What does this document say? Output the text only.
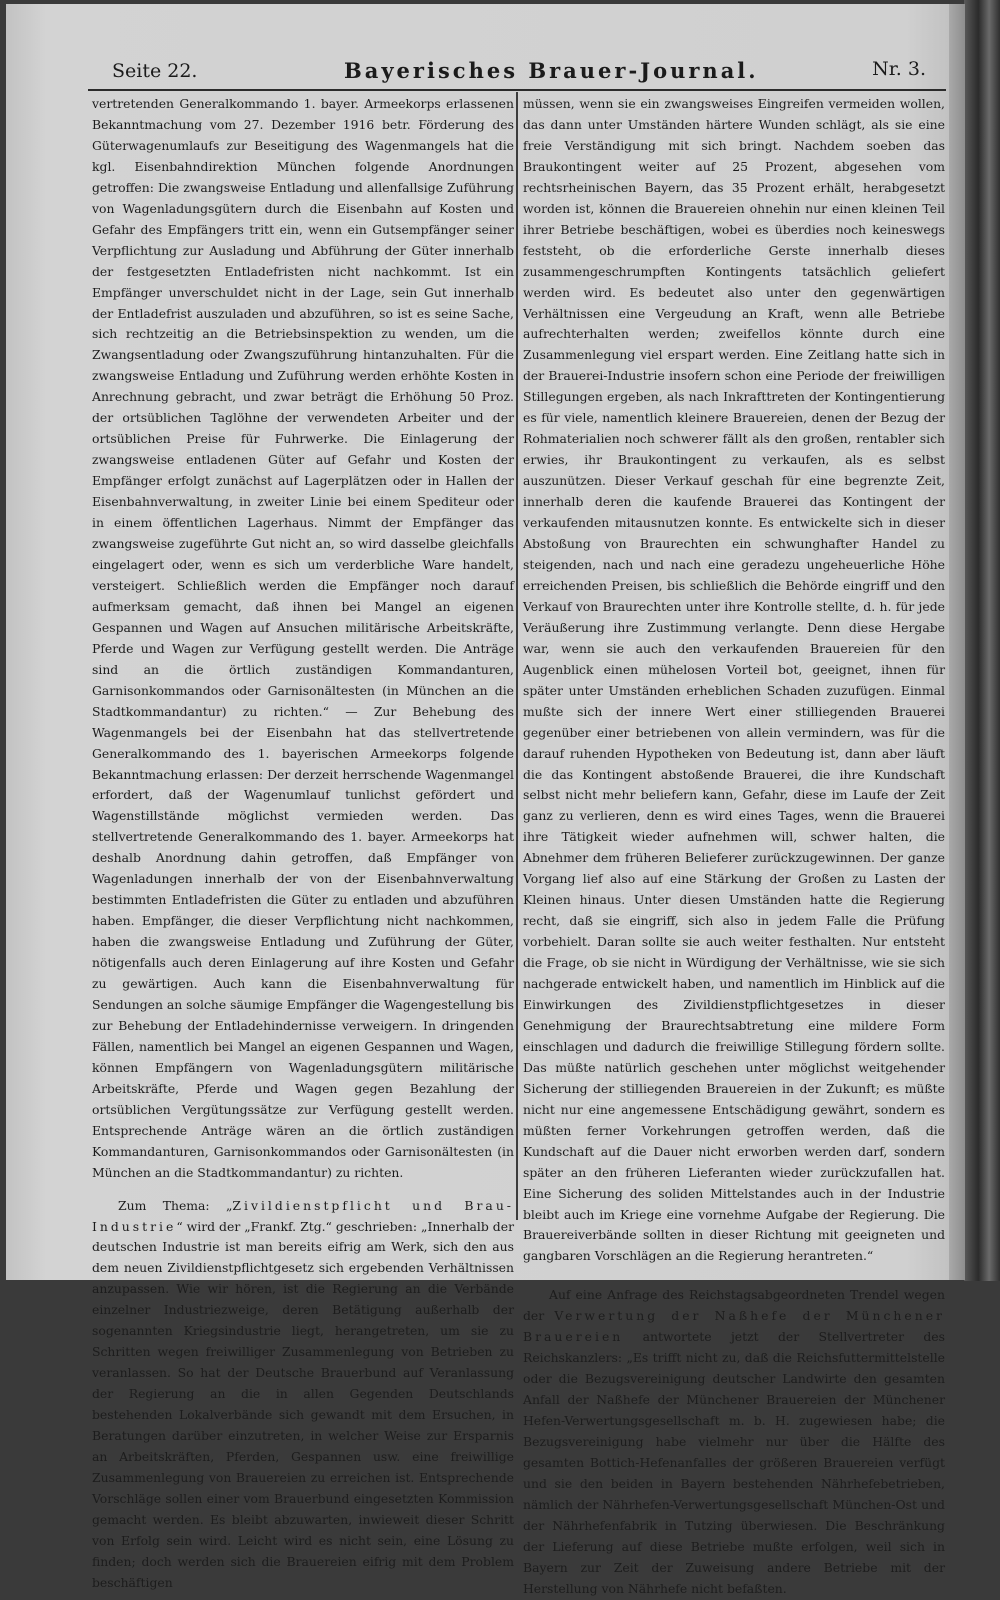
Seite 22.	Bayerisches Brauer-Journal.	Nr. 3.

vertretenden Generalkommando 1. bayer. Armeekorps erlassenen Bekanntmachung vom 27. Dezember 1916 betr. Förderung des Güterwagenumlaufs zur Beseitigung des Wagenmangels hat die kgl. Eisenbahndirektion München folgende Anordnungen getroffen: Die zwangsweise Entladung und allenfallsige Zuführung von Wagenladungsgütern durch die Eisenbahn auf Kosten und Gefahr des Empfängers tritt ein, wenn ein Gutsempfänger seiner Verpflichtung zur Ausladung und Abführung der Güter innerhalb der festgesetzten Entladefristen nicht nachkommt. Ist ein Empfänger unverschuldet nicht in der Lage, sein Gut innerhalb der Entladefrist auszuladen und abzuführen, so ist es seine Sache, sich rechtzeitig an die Betriebsinspektion zu wenden, um die Zwangsentladung oder Zwangszuführung hintanzuhalten. Für die zwangsweise Entladung und Zuführung werden erhöhte Kosten in Anrechnung gebracht, und zwar beträgt die Erhöhung 50 Proz. der ortsüblichen Taglöhne der verwendeten Arbeiter und der ortsüblichen Preise für Fuhrwerke. Die Einlagerung der zwangsweise entladenen Güter auf Gefahr und Kosten der Empfänger erfolgt zunächst auf Lagerplätzen oder in Hallen der Eisenbahnverwaltung, in zweiter Linie bei einem Spediteur oder in einem öffentlichen Lagerhaus. Nimmt der Empfänger das zwangsweise zugeführte Gut nicht an, so wird dasselbe gleichfalls eingelagert oder, wenn es sich um verderbliche Ware handelt, versteigert. Schließlich werden die Empfänger noch darauf aufmerksam gemacht, daß ihnen bei Mangel an eigenen Gespannen und Wagen auf Ansuchen militärische Arbeitskräfte, Pferde und Wagen zur Verfügung gestellt werden. Die Anträge sind an die örtlich zuständigen Kommandanturen, Garnisonkommandos oder Garnisonältesten (in München an die Stadtkommandantur) zu richten.“ — Zur Behebung des Wagenmangels bei der Eisenbahn hat das stellvertretende Generalkommando des 1. bayerischen Armeekorps folgende Bekanntmachung erlassen: Der derzeit herrschende Wagenmangel erfordert, daß der Wagenumlauf tunlichst gefördert und Wagenstillstände möglichst vermieden werden. Das stellvertretende Generalkommando des 1. bayer. Armeekorps hat deshalb Anordnung dahin getroffen, daß Empfänger von Wagenladungen innerhalb der von der Eisenbahnverwaltung bestimmten Entladefristen die Güter zu entladen und abzuführen haben. Empfänger, die dieser Verpflichtung nicht nachkommen, haben die zwangsweise Entladung und Zuführung der Güter, nötigenfalls auch deren Einlagerung auf ihre Kosten und Gefahr zu gewärtigen. Auch kann die Eisenbahnverwaltung für Sendungen an solche säumige Empfänger die Wagengestellung bis zur Behebung der Entladehindernisse verweigern. In dringenden Fällen, namentlich bei Mangel an eigenen Gespannen und Wagen, können Empfängern von Wagenladungsgütern militärische Arbeitskräfte, Pferde und Wagen gegen Bezahlung der ortsüblichen Vergütungssätze zur Verfügung gestellt werden. Entsprechende Anträge wären an die örtlich zuständigen Kommandanturen, Garnisonkommandos oder Garnisonältesten (in München an die Stadtkommandantur) zu richten.

Zum Thema: „Zivildienstpflicht und Brau-Industrie“ wird der „Frankf. Ztg.“ geschrieben: „Innerhalb der deutschen Industrie ist man bereits eifrig am Werk, sich den aus dem neuen Zivildienstpflichtgesetz sich ergebenden Verhältnissen anzupassen. Wie wir hören, ist die Regierung an die Verbände einzelner Industriezweige, deren Betätigung außerhalb der sogenannten Kriegsindustrie liegt, herangetreten, um sie zu Schritten wegen freiwilliger Zusammenlegung von Betrieben zu veranlassen. So hat der Deutsche Brauerbund auf Veranlassung der Regierung an die in allen Gegenden Deutschlands bestehenden Lokalverbände sich gewandt mit dem Ersuchen, in Beratungen darüber einzutreten, in welcher Weise zur Ersparnis an Arbeitskräften, Pferden, Gespannen usw. eine freiwillige Zusammenlegung von Brauereien zu erreichen ist. Entsprechende Vorschläge sollen einer vom Brauerbund eingesetzten Kommission gemacht werden. Es bleibt abzuwarten, inwieweit dieser Schritt von Erfolg sein wird. Leicht wird es nicht sein, eine Lösung zu finden; doch werden sich die Brauereien eifrig mit dem Problem beschäftigen

müssen, wenn sie ein zwangsweises Eingreifen vermeiden wollen, das dann unter Umständen härtere Wunden schlägt, als sie eine freie Verständigung mit sich bringt. Nachdem soeben das Braukontingent weiter auf 25 Prozent, abgesehen vom rechtsrheinischen Bayern, das 35 Prozent erhält, herabgesetzt worden ist, können die Brauereien ohnehin nur einen kleinen Teil ihrer Betriebe beschäftigen, wobei es überdies noch keineswegs feststeht, ob die erforderliche Gerste innerhalb dieses zusammengeschrumpften Kontingents tatsächlich geliefert werden wird. Es bedeutet also unter den gegenwärtigen Verhältnissen eine Vergeudung an Kraft, wenn alle Betriebe aufrechterhalten werden; zweifellos könnte durch eine Zusammenlegung viel erspart werden. Eine Zeitlang hatte sich in der Brauerei-Industrie insofern schon eine Periode der freiwilligen Stillegungen ergeben, als nach Inkrafttreten der Kontingentierung es für viele, namentlich kleinere Brauereien, denen der Bezug der Rohmaterialien noch schwerer fällt als den großen, rentabler sich erwies, ihr Braukontingent zu verkaufen, als es selbst auszunützen. Dieser Verkauf geschah für eine begrenzte Zeit, innerhalb deren die kaufende Brauerei das Kontingent der verkaufenden mitausnutzen konnte. Es entwickelte sich in dieser Abstoßung von Braurechten ein schwunghafter Handel zu steigenden, nach und nach eine geradezu ungeheuerliche Höhe erreichenden Preisen, bis schließlich die Behörde eingriff und den Verkauf von Braurechten unter ihre Kontrolle stellte, d. h. für jede Veräußerung ihre Zustimmung verlangte. Denn diese Hergabe war, wenn sie auch den verkaufenden Brauereien für den Augenblick einen mühelosen Vorteil bot, geeignet, ihnen für später unter Umständen erheblichen Schaden zuzufügen. Einmal mußte sich der innere Wert einer stilliegenden Brauerei gegenüber einer betriebenen von allein vermindern, was für die darauf ruhenden Hypotheken von Bedeutung ist, dann aber läuft die das Kontingent abstoßende Brauerei, die ihre Kundschaft selbst nicht mehr beliefern kann, Gefahr, diese im Laufe der Zeit ganz zu verlieren, denn es wird eines Tages, wenn die Brauerei ihre Tätigkeit wieder aufnehmen will, schwer halten, die Abnehmer dem früheren Belieferer zurückzugewinnen. Der ganze Vorgang lief also auf eine Stärkung der Großen zu Lasten der Kleinen hinaus. Unter diesen Umständen hatte die Regierung recht, daß sie eingriff, sich also in jedem Falle die Prüfung vorbehielt. Daran sollte sie auch weiter festhalten. Nur entsteht die Frage, ob sie nicht in Würdigung der Verhältnisse, wie sie sich nachgerade entwickelt haben, und namentlich im Hinblick auf die Einwirkungen des Zivildienstpflichtgesetzes in dieser Genehmigung der Braurechtsabtretung eine mildere Form einschlagen und dadurch die freiwillige Stillegung fördern sollte. Das müßte natürlich geschehen unter möglichst weitgehender Sicherung der stilliegenden Brauereien in der Zukunft; es müßte nicht nur eine angemessene Entschädigung gewährt, sondern es müßten ferner Vorkehrungen getroffen werden, daß die Kundschaft auf die Dauer nicht erworben werden darf, sondern später an den früheren Lieferanten wieder zurückzufallen hat. Eine Sicherung des soliden Mittelstandes auch in der Industrie bleibt auch im Kriege eine vornehme Aufgabe der Regierung. Die Brauereiverbände sollten in dieser Richtung mit geeigneten und gangbaren Vorschlägen an die Regierung herantreten.“

Auf eine Anfrage des Reichstagsabgeordneten Trendel wegen der Verwertung der Naßhefe der Münchener Brauereien antwortete jetzt der Stellvertreter des Reichskanzlers: „Es trifft nicht zu, daß die Reichsfuttermittelstelle oder die Bezugsvereinigung deutscher Landwirte den gesamten Anfall der Naßhefe der Münchener Brauereien der Münchener Hefen-Verwertungsgesellschaft m. b. H. zugewiesen habe; die Bezugsvereinigung habe vielmehr nur über die Hälfte des gesamten Bottich-Hefenanfalles der größeren Brauereien verfügt und sie den beiden in Bayern bestehenden Nährhefebetrieben, nämlich der Nährhefen-Verwertungsgesellschaft München-Ost und der Nährhefenfabrik in Tutzing überwiesen. Die Beschränkung der Lieferung auf diese Betriebe mußte erfolgen, weil sich in Bayern zur Zeit der Zuweisung andere Betriebe mit der Herstellung von Nährhefe nicht befaßten.
